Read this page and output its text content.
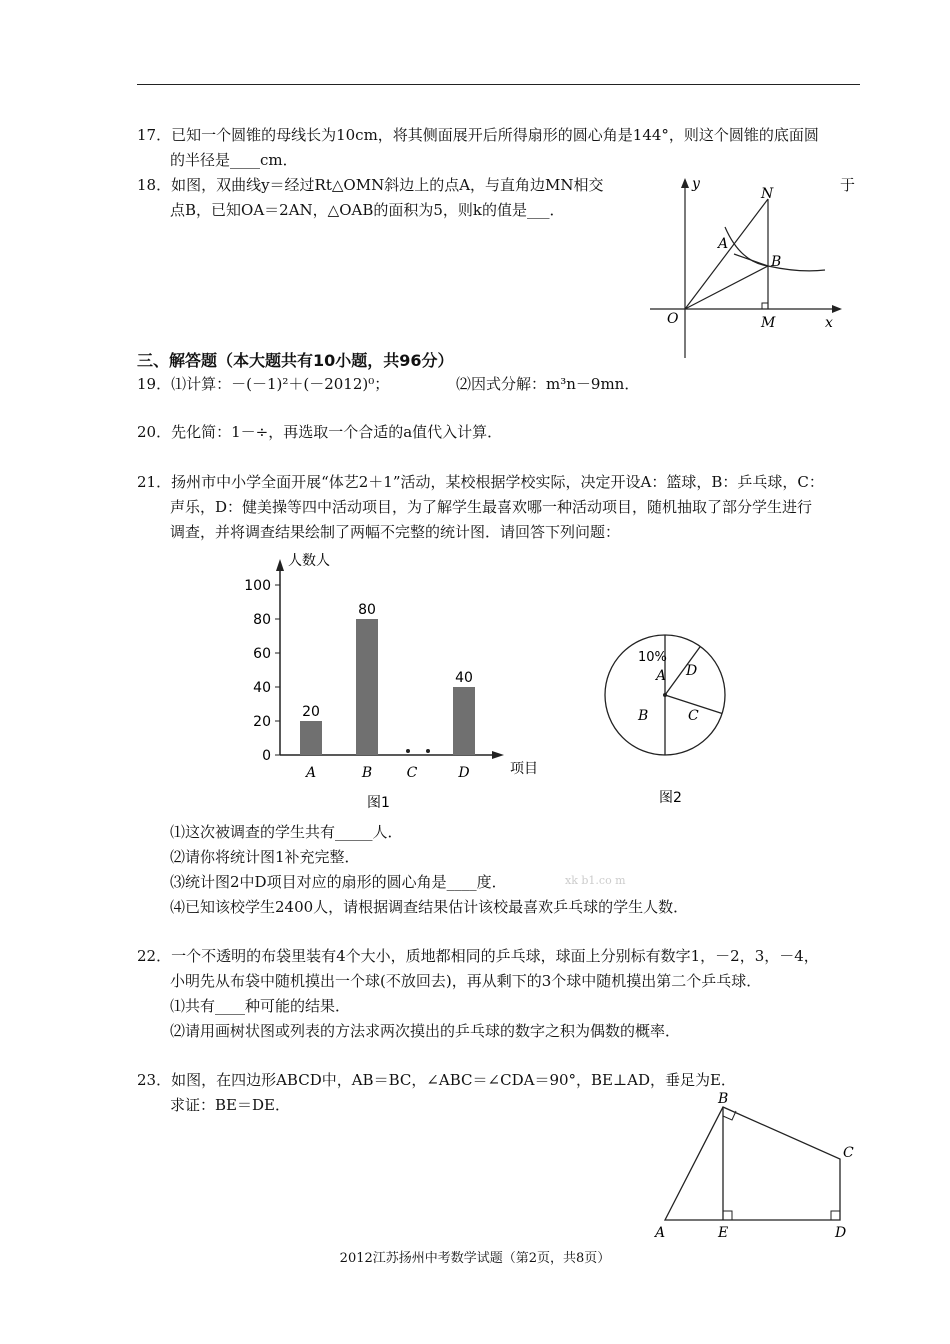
17．已知一个圆锥的母线长为10cm，将其侧面展开后所得扇形的圆心角是144°，则这个圆锥的底面圆
的半径是____cm．
18．如图，双曲线y＝经过Rt△OMN斜边上的点A，与直角边MN相交	于
点B，已知OA＝2AN，△OAB的面积为5，则k的值是___．
y
N
A
B
O	M	x
三、解答题（本大题共有10小题，共96分）
19．⑴计算：－(－1)²＋(－2012)⁰；	⑵因式分解：m³n－9mn．
20．先化简：1－÷，再选取一个合适的a值代入计算．
21．扬州市中小学全面开展“体艺2＋1”活动，某校根据学校实际，决定开设A：篮球，B：乒乓球，C：
声乐，D：健美操等四中活动项目，为了解学生最喜欢哪一种活动项目，随机抽取了部分学生进行
调查，并将调查结果绘制了两幅不完整的统计图．请回答下列问题：
人数人
项目
图1
0
20
40
60
80
100
20
A
80
B C
40
D
图2
A D
C
B
10%
⑴这次被调查的学生共有_____人．
⑵请你将统计图1补充完整．
⑶统计图2中D项目对应的扇形的圆心角是____度．	xk b1.co m
⑷已知该校学生2400人，请根据调查结果估计该校最喜欢乒乓球的学生人数．
22．一个不透明的布袋里装有4个大小，质地都相同的乒乓球，球面上分别标有数字1，－2，3，－4，
小明先从布袋中随机摸出一个球(不放回去)，再从剩下的3个球中随机摸出第二个乒乓球．
⑴共有____种可能的结果．
⑵请用画树状图或列表的方法求两次摸出的乒乓球的数字之积为偶数的概率．
23．如图，在四边形ABCD中，AB＝BC，∠ABC＝∠CDA＝90°，BE⊥AD，垂足为E．
求证：BE＝DE．	B
C
A	E	D
2012江苏扬州中考数学试题（第2页，共8页）
